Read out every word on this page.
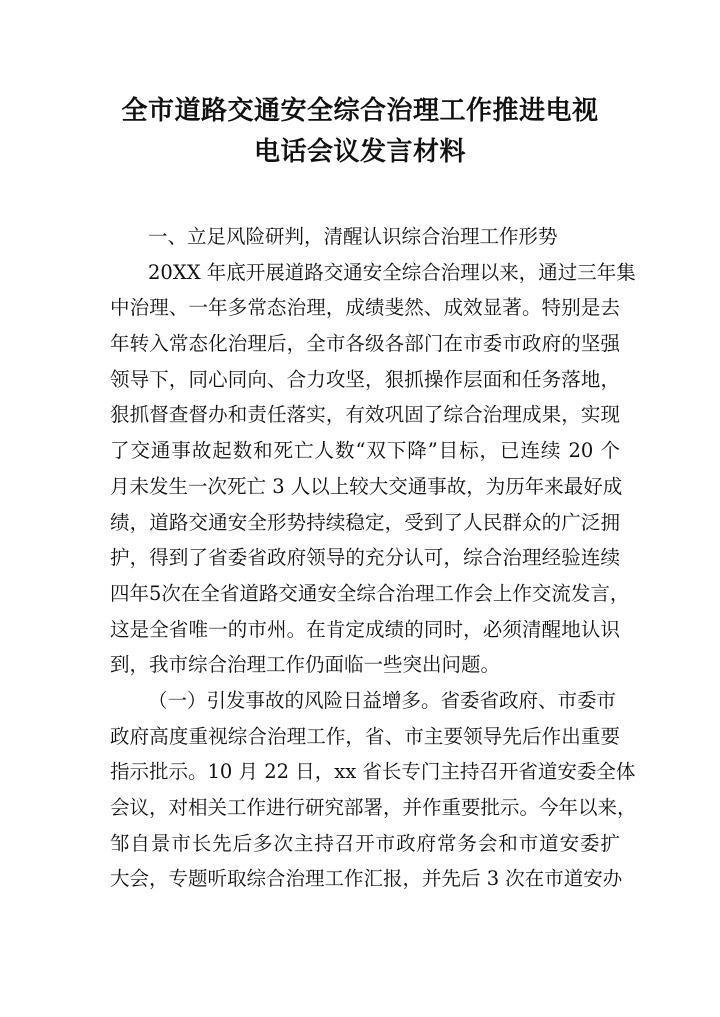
全市道路交通安全综合治理工作推进电视
电话会议发言材料
一、立足风险研判，清醒认识综合治理工作形势
20XX 年底开展道路交通安全综合治理以来，通过三年集
中治理、一年多常态治理，成绩斐然、成效显著。特别是去
年转入常态化治理后，全市各级各部门在市委市政府的坚强
领导下，同心同向、合力攻坚，狠抓操作层面和任务落地，
狠抓督查督办和责任落实，有效巩固了综合治理成果，实现
了交通事故起数和死亡人数“双下降”目标，已连续 20 个
月未发生一次死亡 3 人以上较大交通事故，为历年来最好成
绩，道路交通安全形势持续稳定，受到了人民群众的广泛拥
护，得到了省委省政府领导的充分认可，综合治理经验连续
四年5次在全省道路交通安全综合治理工作会上作交流发言，
这是全省唯一的市州。在肯定成绩的同时，必须清醒地认识
到，我市综合治理工作仍面临一些突出问题。
（一）引发事故的风险日益增多。省委省政府、市委市
政府高度重视综合治理工作，省、市主要领导先后作出重要
指示批示。10 月 22 日，xx 省长专门主持召开省道安委全体
会议，对相关工作进行研究部署，并作重要批示。今年以来，
邹自景市长先后多次主持召开市政府常务会和市道安委扩
大会，专题听取综合治理工作汇报，并先后 3 次在市道安办
